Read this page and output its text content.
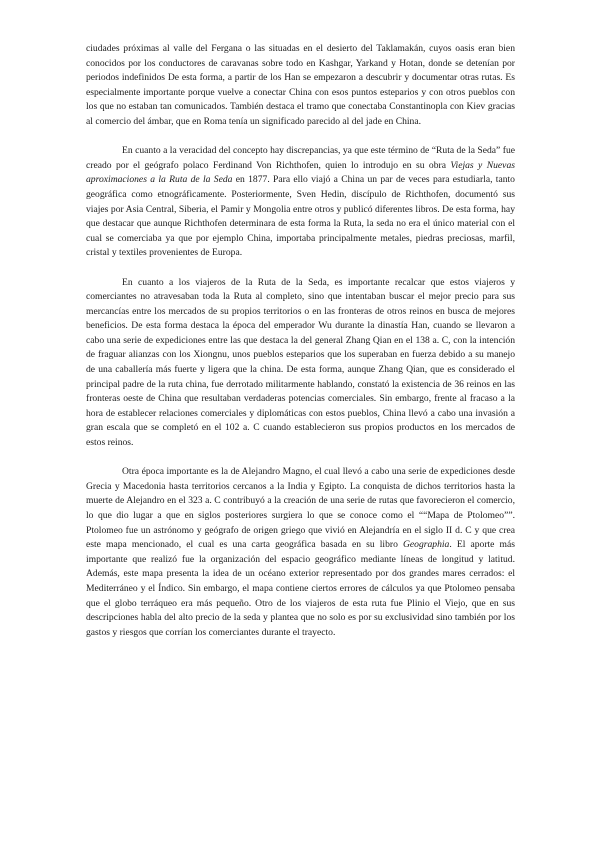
ciudades próximas al valle del Fergana o las situadas en el desierto del Taklamakán, cuyos oasis eran bien conocidos por los conductores de caravanas sobre todo en Kashgar, Yarkand y Hotan, donde se detenían por periodos indefinidos De esta forma, a partir de los Han se empezaron a descubrir y documentar otras rutas. Es especialmente importante porque vuelve a conectar China con esos puntos esteparios y con otros pueblos con los que no estaban tan comunicados. También destaca el tramo que conectaba Constantinopla con Kiev gracias al comercio del ámbar, que en Roma tenía un significado parecido al del jade en China.

En cuanto a la veracidad del concepto hay discrepancias, ya que este término de “Ruta de la Seda” fue creado por el geógrafo polaco Ferdinand Von Richthofen, quien lo introdujo en su obra Viejas y Nuevas aproximaciones a la Ruta de la Seda en 1877. Para ello viajó a China un par de veces para estudiarla, tanto geográfica como etnográficamente. Posteriormente, Sven Hedin, discípulo de Richthofen, documentó sus viajes por Asia Central, Siberia, el Pamir y Mongolia entre otros y publicó diferentes libros. De esta forma, hay que destacar que aunque Richthofen determinara de esta forma la Ruta, la seda no era el único material con el cual se comerciaba ya que por ejemplo China, importaba principalmente metales, piedras preciosas, marfil, cristal y textiles provenientes de Europa.

En cuanto a los viajeros de la Ruta de la Seda, es importante recalcar que estos viajeros y comerciantes no atravesaban toda la Ruta al completo, sino que intentaban buscar el mejor precio para sus mercancías entre los mercados de su propios territorios o en las fronteras de otros reinos en busca de mejores beneficios. De esta forma destaca la época del emperador Wu durante la dinastía Han, cuando se llevaron a cabo una serie de expediciones entre las que destaca la del general Zhang Qian en el 138 a. C, con la intención de fraguar alianzas con los Xiongnu, unos pueblos esteparios que los superaban en fuerza debido a su manejo de una caballería más fuerte y ligera que la china. De esta forma, aunque Zhang Qian, que es considerado el principal padre de la ruta china, fue derrotado militarmente hablando, constató la existencia de 36 reinos en las fronteras oeste de China que resultaban verdaderas potencias comerciales. Sin embargo, frente al fracaso a la hora de establecer relaciones comerciales y diplomáticas con estos pueblos, China llevó a cabo una invasión a gran escala que se completó en el 102 a. C cuando establecieron sus propios productos en los mercados de estos reinos.

Otra época importante es la de Alejandro Magno, el cual llevó a cabo una serie de expediciones desde Grecia y Macedonia hasta territorios cercanos a la India y Egipto. La conquista de dichos territorios hasta la muerte de Alejandro en el 323 a. C contribuyó a la creación de una serie de rutas que favorecieron el comercio, lo que dio lugar a que en siglos posteriores surgiera lo que se conoce como el ““Mapa de Ptolomeo””. Ptolomeo fue un astrónomo y geógrafo de origen griego que vivió en Alejandría en el siglo II d. C y que crea este mapa mencionado, el cual es una carta geográfica basada en su libro Geographia. El aporte más importante que realizó fue la organización del espacio geográfico mediante líneas de longitud y latitud. Además, este mapa presenta la idea de un océano exterior representado por dos grandes mares cerrados: el Mediterráneo y el Índico. Sin embargo, el mapa contiene ciertos errores de cálculos ya que Ptolomeo pensaba que el globo terráqueo era más pequeño. Otro de los viajeros de esta ruta fue Plinio el Viejo, que en sus descripciones habla del alto precio de la seda y plantea que no solo es por su exclusividad sino también por los gastos y riesgos que corrían los comerciantes durante el trayecto.
